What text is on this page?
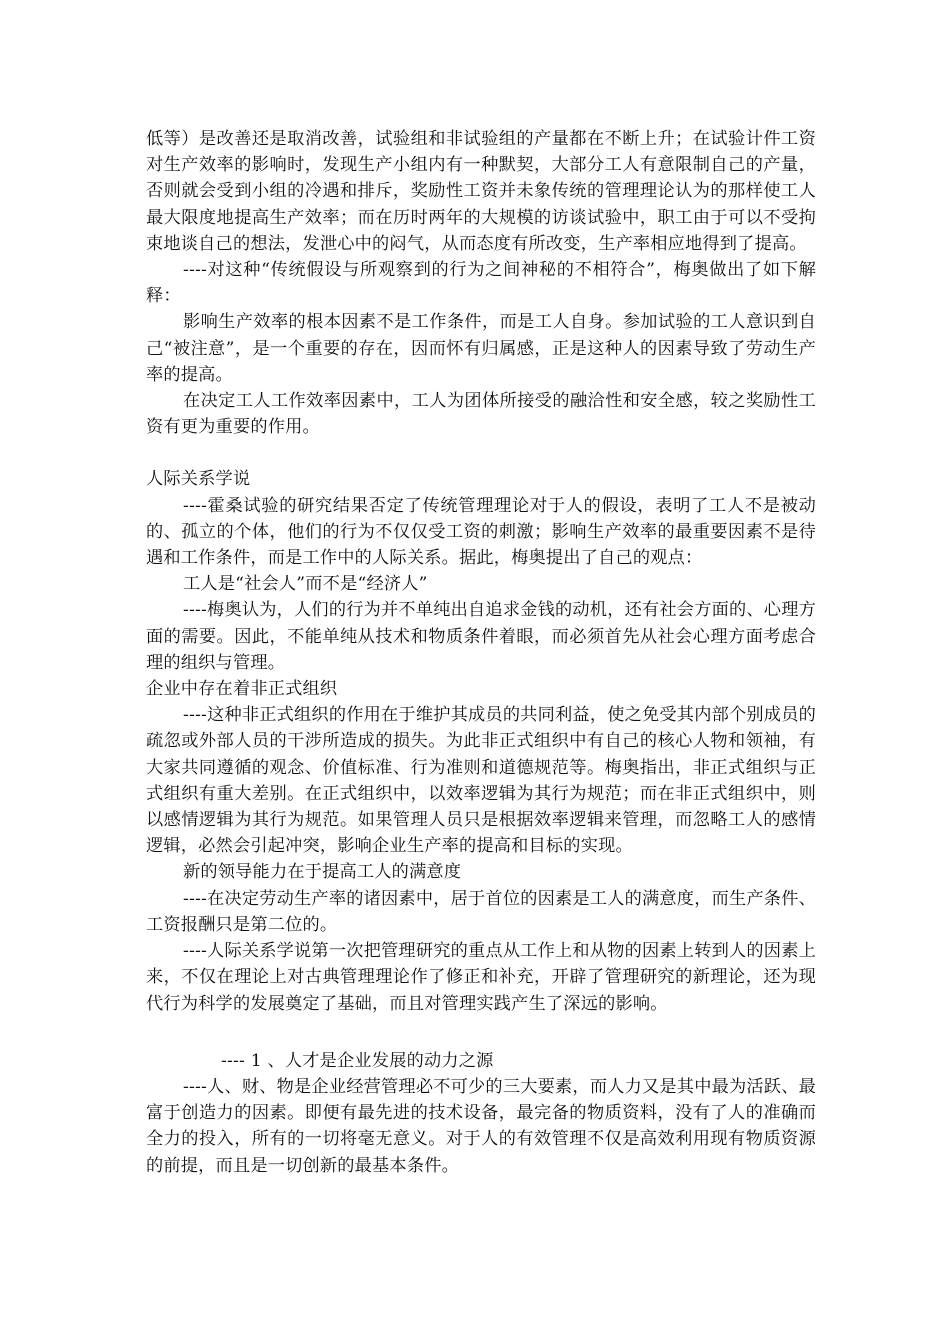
低等）是改善还是取消改善，试验组和非试验组的产量都在不断上升；在试验计件工资对生产效率的影响时，发现生产小组内有一种默契，大部分工人有意限制自己的产量，否则就会受到小组的冷遇和排斥，奖励性工资并未象传统的管理理论认为的那样使工人最大限度地提高生产效率；而在历时两年的大规模的访谈试验中，职工由于可以不受拘束地谈自己的想法，发泄心中的闷气，从而态度有所改变，生产率相应地得到了提高。

----对这种“传统假设与所观察到的行为之间神秘的不相符合”，梅奥做出了如下解释：

影响生产效率的根本因素不是工作条件，而是工人自身。参加试验的工人意识到自己“被注意”，是一个重要的存在，因而怀有归属感，正是这种人的因素导致了劳动生产率的提高。

在决定工人工作效率因素中，工人为团体所接受的融洽性和安全感，较之奖励性工资有更为重要的作用。

人际关系学说

----霍桑试验的研究结果否定了传统管理理论对于人的假设，表明了工人不是被动的、孤立的个体，他们的行为不仅仅受工资的刺激；影响生产效率的最重要因素不是待遇和工作条件，而是工作中的人际关系。据此，梅奥提出了自己的观点：

工人是“社会人”而不是“经济人”

----梅奥认为，人们的行为并不单纯出自追求金钱的动机，还有社会方面的、心理方面的需要。因此，不能单纯从技术和物质条件着眼，而必须首先从社会心理方面考虑合理的组织与管理。

企业中存在着非正式组织

----这种非正式组织的作用在于维护其成员的共同利益，使之免受其内部个别成员的疏忽或外部人员的干涉所造成的损失。为此非正式组织中有自己的核心人物和领袖，有大家共同遵循的观念、价值标准、行为准则和道德规范等。梅奥指出，非正式组织与正式组织有重大差别。在正式组织中，以效率逻辑为其行为规范；而在非正式组织中，则以感情逻辑为其行为规范。如果管理人员只是根据效率逻辑来管理，而忽略工人的感情逻辑，必然会引起冲突，影响企业生产率的提高和目标的实现。

新的领导能力在于提高工人的满意度

----在决定劳动生产率的诸因素中，居于首位的因素是工人的满意度，而生产条件、工资报酬只是第二位的。

----人际关系学说第一次把管理研究的重点从工作上和从物的因素上转到人的因素上来，不仅在理论上对古典管理理论作了修正和补充，开辟了管理研究的新理论，还为现代行为科学的发展奠定了基础，而且对管理实践产生了深远的影响。

---- 1 、人才是企业发展的动力之源

----人、财、物是企业经营管理必不可少的三大要素，而人力又是其中最为活跃、最富于创造力的因素。即便有最先进的技术设备，最完备的物质资料，没有了人的准确而全力的投入，所有的一切将毫无意义。对于人的有效管理不仅是高效利用现有物质资源的前提，而且是一切创新的最基本条件。
